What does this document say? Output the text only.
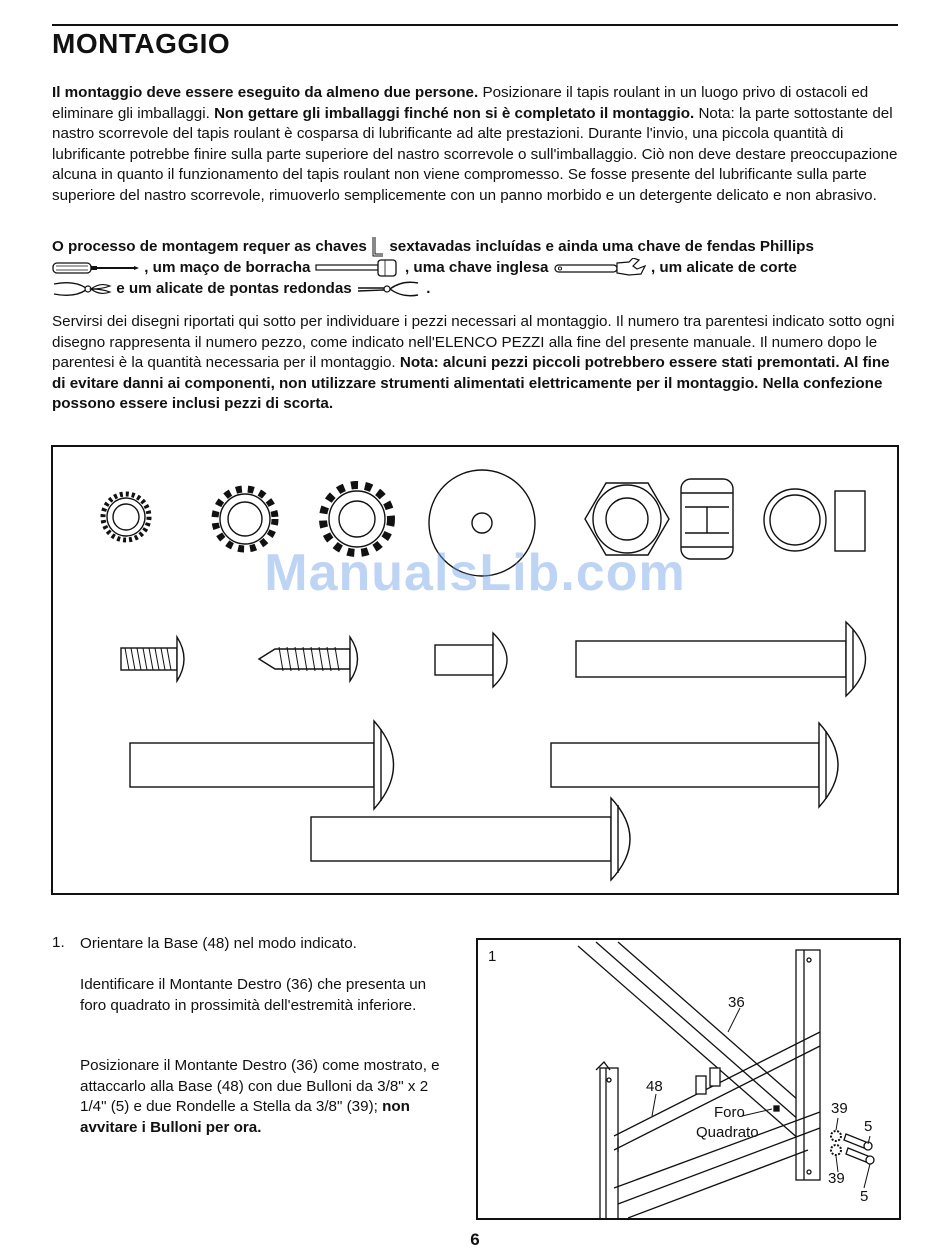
MONTAGGIO

Il montaggio deve essere eseguito da almeno due persone. Posizionare il tapis roulant in un luogo privo di ostacoli ed eliminare gli imballaggi. Non gettare gli imballaggi finché non si è completato il montaggio. Nota: la parte sottostante del nastro scorrevole del tapis roulant è cosparsa di lubrificante ad alte prestazioni. Durante l'invio, una piccola quantità di lubrificante potrebbe finire sulla parte superiore del nastro scorrevole o sull'imballaggio. Ciò non deve destare preoccupazione alcuna in quanto il funzionamento del tapis roulant non viene compromesso. Se fosse presente del lubrificante sulla parte superiore del nastro scorrevole, rimuoverlo semplicemente con un panno morbido e un detergente delicato e non abrasivo.

O processo de montagem requer as chaves sextavadas incluídas e ainda uma chave de fendas Phillips
, um maço de borracha	, uma chave inglesa	, um alicate de corte
e um alicate de pontas redondas	.

Servirsi dei disegni riportati qui sotto per individuare i pezzi necessari al montaggio. Il numero tra parentesi indicato sotto ogni disegno rappresenta il numero pezzo, come indicato nell'ELENCO PEZZI alla fine del presente manuale. Il numero dopo le parentesi è la quantità necessaria per il montaggio. Nota: alcuni pezzi piccoli potrebbero essere stati premontati. Al fine di evitare danni ai componenti, non utilizzare strumenti alimentati elettricamente per il montaggio. Nella confezione possono essere inclusi pezzi di scorta.

ManualsLib.com
1. Orientare la Base (48) nel modo indicato.

Identificare il Montante Destro (36) che presenta un foro quadrato in prossimità dell'estremità inferiore.

Posizionare il Montante Destro (36) come mostrato, e attaccarlo alla Base (48) con due Bulloni da 3/8" x 2 1/4" (5) e due Rondelle a Stella da 3/8" (39); non avvitare i Bulloni per ora.

1
36
48
Foro
Quadrato
39
5
39
5
6
